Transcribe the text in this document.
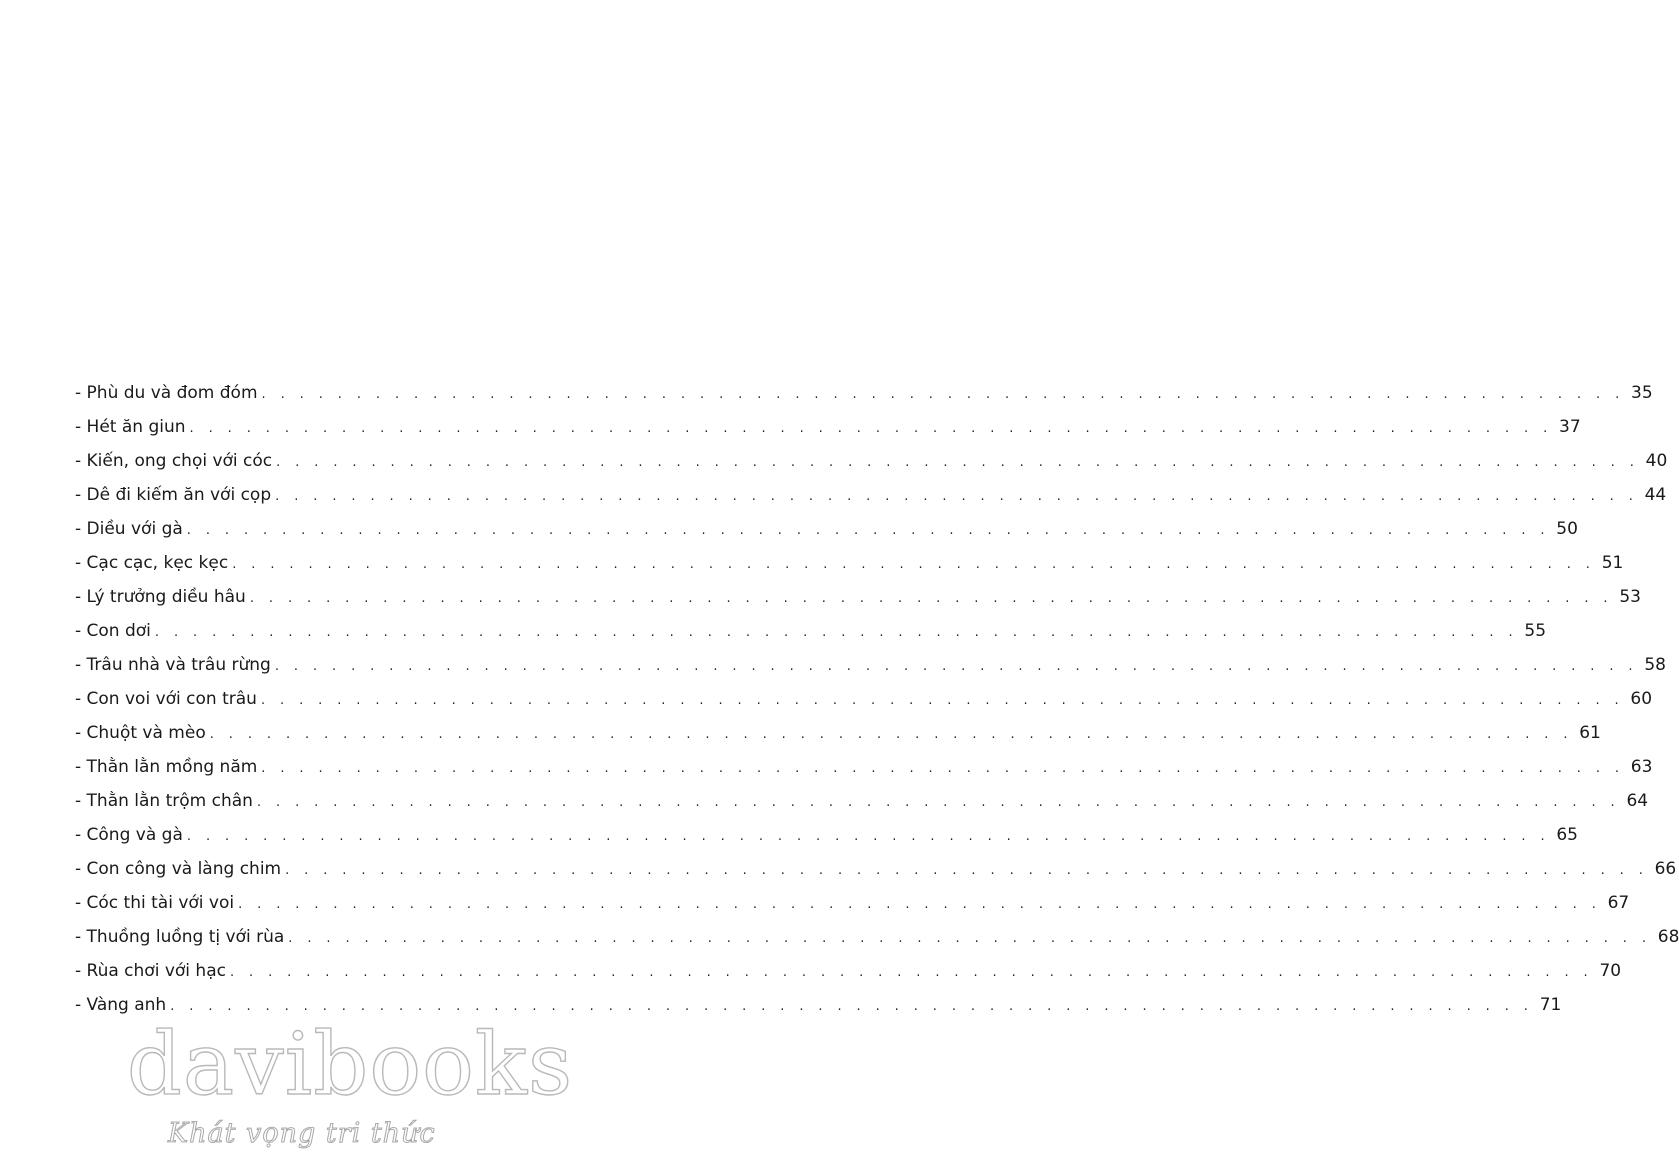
- Phù du và đom đóm . . . . . . . . . . . . . . . . . . . . . . . . . . . . . . . . . . . . . . . . . . . . . . . . . . . . . . . . . . . . . . . . . . . . . . . . 35
- Hét ăn giun . . . . . . . . . . . . . . . . . . . . . . . . . . . . . . . . . . . . . . . . . . . . . . . . . . . . . . . . . . . . . . . . . . . . . . . . 37
- Kiến, ong chọi với cóc . . . . . . . . . . . . . . . . . . . . . . . . . . . . . . . . . . . . . . . . . . . . . . . . . . . . . . . . . . . . . . . . . . . . . . . . 40
- Dê đi kiếm ăn với cọp . . . . . . . . . . . . . . . . . . . . . . . . . . . . . . . . . . . . . . . . . . . . . . . . . . . . . . . . . . . . . . . . . . . . . . . . 44
- Diều với gà . . . . . . . . . . . . . . . . . . . . . . . . . . . . . . . . . . . . . . . . . . . . . . . . . . . . . . . . . . . . . . . . . . . . . . . . 50
- Cạc cạc, kẹc kẹc . . . . . . . . . . . . . . . . . . . . . . . . . . . . . . . . . . . . . . . . . . . . . . . . . . . . . . . . . . . . . . . . . . . . . . . . 51
- Lý trưởng diều hâu . . . . . . . . . . . . . . . . . . . . . . . . . . . . . . . . . . . . . . . . . . . . . . . . . . . . . . . . . . . . . . . . . . . . . . . . 53
- Con dơi . . . . . . . . . . . . . . . . . . . . . . . . . . . . . . . . . . . . . . . . . . . . . . . . . . . . . . . . . . . . . . . . . . . . . . . . 55
- Trâu nhà và trâu rừng . . . . . . . . . . . . . . . . . . . . . . . . . . . . . . . . . . . . . . . . . . . . . . . . . . . . . . . . . . . . . . . . . . . . . . . . 58
- Con voi với con trâu . . . . . . . . . . . . . . . . . . . . . . . . . . . . . . . . . . . . . . . . . . . . . . . . . . . . . . . . . . . . . . . . . . . . . . . . 60
- Chuột và mèo . . . . . . . . . . . . . . . . . . . . . . . . . . . . . . . . . . . . . . . . . . . . . . . . . . . . . . . . . . . . . . . . . . . . . . . . 61
- Thằn lằn mồng năm . . . . . . . . . . . . . . . . . . . . . . . . . . . . . . . . . . . . . . . . . . . . . . . . . . . . . . . . . . . . . . . . . . . . . . . . 63
- Thằn lằn trộm chân . . . . . . . . . . . . . . . . . . . . . . . . . . . . . . . . . . . . . . . . . . . . . . . . . . . . . . . . . . . . . . . . . . . . . . . . 64
- Công và gà . . . . . . . . . . . . . . . . . . . . . . . . . . . . . . . . . . . . . . . . . . . . . . . . . . . . . . . . . . . . . . . . . . . . . . . . 65
- Con công và làng chim . . . . . . . . . . . . . . . . . . . . . . . . . . . . . . . . . . . . . . . . . . . . . . . . . . . . . . . . . . . . . . . . . . . . . . . . 66
- Cóc thi tài với voi . . . . . . . . . . . . . . . . . . . . . . . . . . . . . . . . . . . . . . . . . . . . . . . . . . . . . . . . . . . . . . . . . . . . . . . . 67
- Thuồng luồng tị với rùa . . . . . . . . . . . . . . . . . . . . . . . . . . . . . . . . . . . . . . . . . . . . . . . . . . . . . . . . . . . . . . . . . . . . . . . . 68
- Rùa chơi với hạc . . . . . . . . . . . . . . . . . . . . . . . . . . . . . . . . . . . . . . . . . . . . . . . . . . . . . . . . . . . . . . . . . . . . . . . . 70
- Vàng anh . . . . . . . . . . . . . . . . . . . . . . . . . . . . . . . . . . . . . . . . . . . . . . . . . . . . . . . . . . . . . . . . . . . . . . . . 71
davibooks
Khát vọng tri thức
